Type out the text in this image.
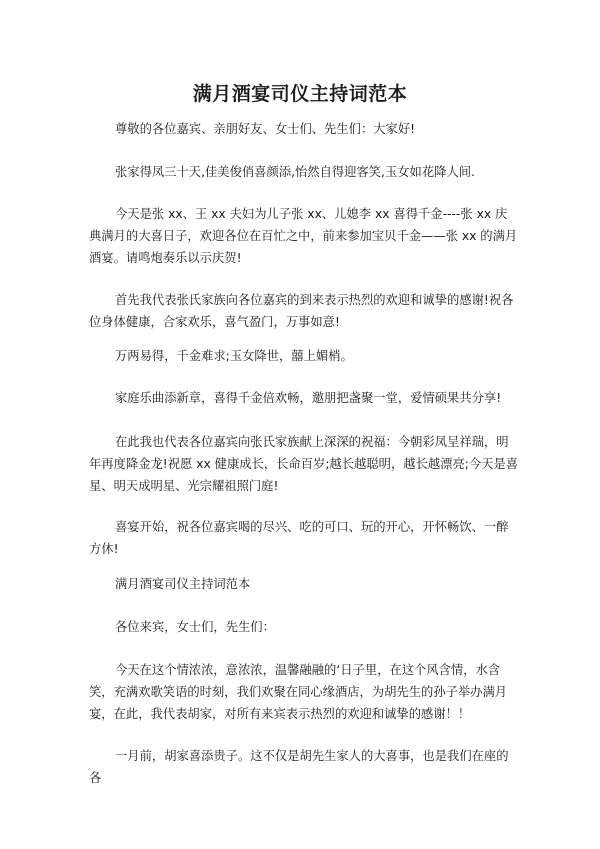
满月酒宴司仪主持词范本

尊敬的各位嘉宾、亲朋好友、女士们、先生们：大家好!

张家得凤三十天,佳美俊俏喜颜添,怡然自得迎客笑,玉女如花降人间.

今天是张 xx、王 xx 夫妇为儿子张 xx、儿媳李 xx 喜得千金----张 xx 庆典满月的大喜日子，欢迎各位在百忙之中，前来参加宝贝千金——张 xx 的满月酒宴。请鸣炮奏乐以示庆贺!

首先我代表张氏家族向各位嘉宾的到来表示热烈的欢迎和诚挚的感谢!祝各位身体健康，合家欢乐，喜气盈门，万事如意!

万两易得，千金难求;玉女降世，囍上媚梢。

家庭乐曲添新章，喜得千金倍欢畅，邀朋把盏聚一堂，爱情硕果共分享!

在此我也代表各位嘉宾向张氏家族献上深深的祝福：今朝彩凤呈祥瑞，明年再度降金龙!祝愿 xx 健康成长，长命百岁;越长越聪明，越长越漂亮;今天是喜星、明天成明星、光宗耀祖照门庭!

喜宴开始，祝各位嘉宾喝的尽兴、吃的可口、玩的开心，开怀畅饮、一醉方休!

满月酒宴司仪主持词范本

各位来宾，女士们，先生们：

今天在这个情浓浓，意浓浓，温馨融融的‘日子里，在这个风含情，水含笑，充满欢歌笑语的时刻，我们欢聚在同心缘酒店，为胡先生的孙子举办满月宴，在此，我代表胡家，对所有来宾表示热烈的欢迎和诚挚的感谢！！

一月前，胡家喜添贵子。这不仅是胡先生家人的大喜事，也是我们在座的各
